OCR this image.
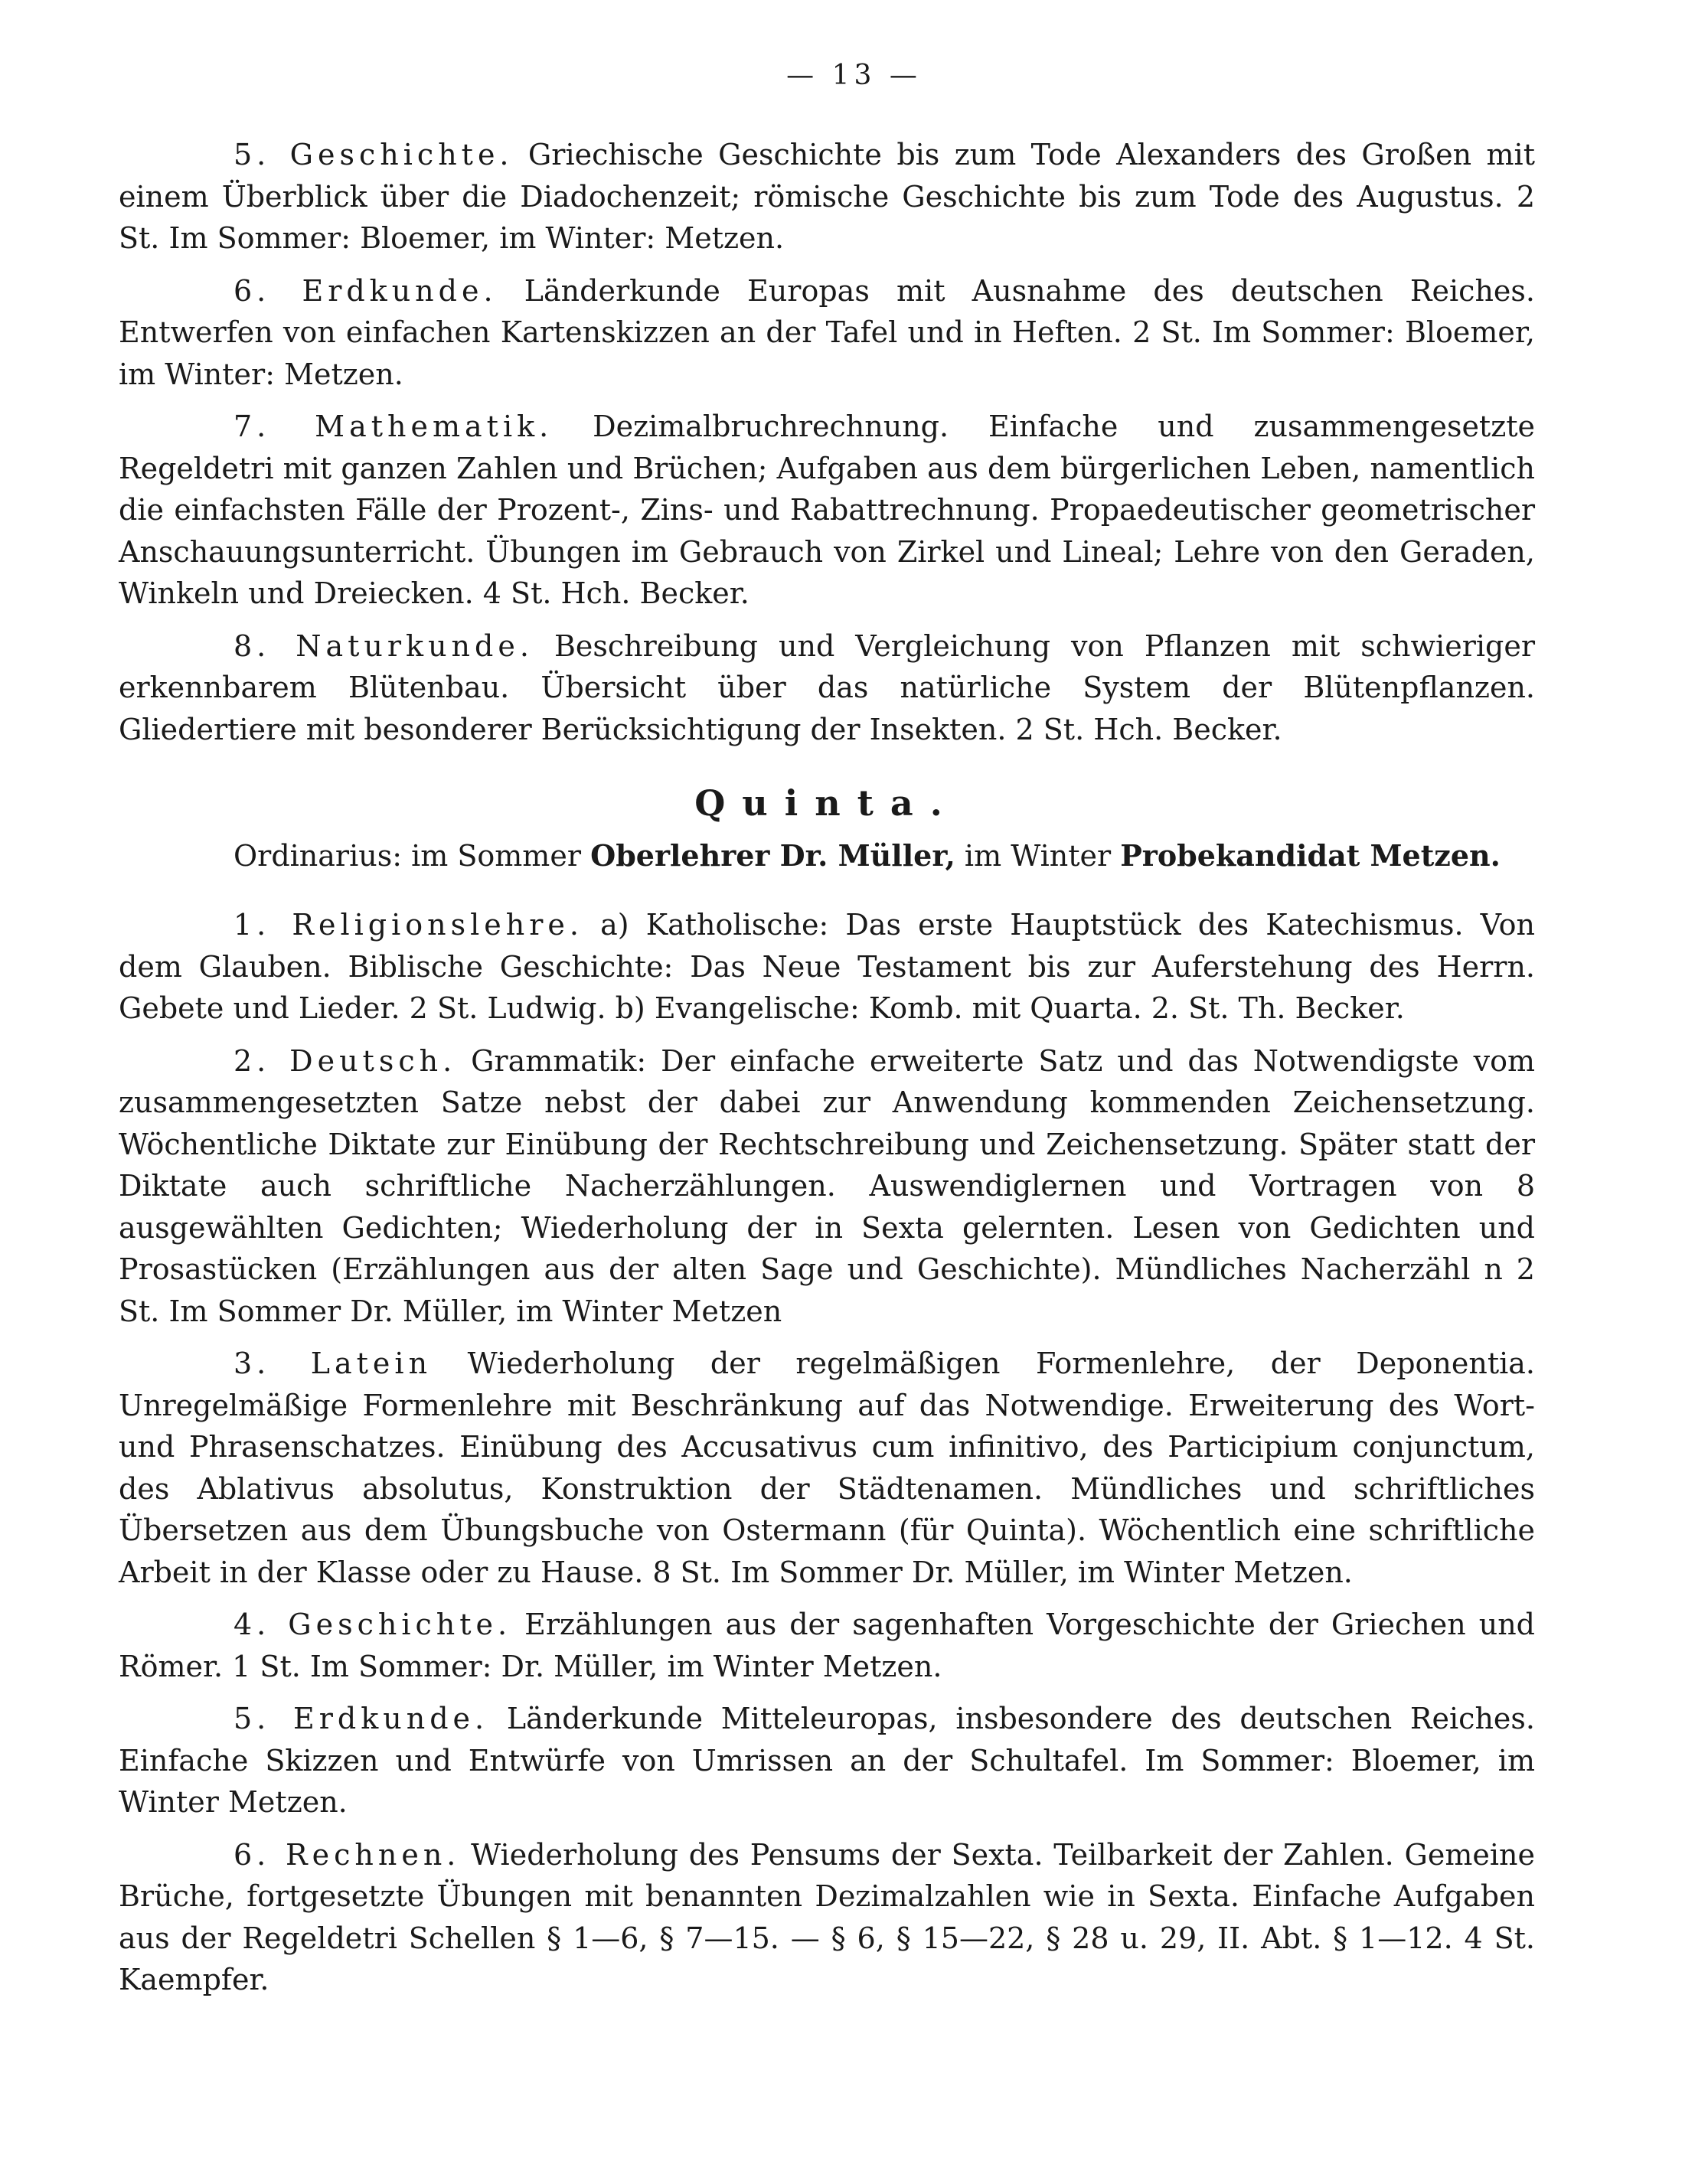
— 13 —

5. Geschichte. Griechische Geschichte bis zum Tode Alexanders des Großen mit einem Überblick über die Diadochenzeit; römische Geschichte bis zum Tode des Augustus. 2 St. Im Sommer: Bloemer, im Winter: Metzen.

6. Erdkunde. Länderkunde Europas mit Ausnahme des deutschen Reiches. Entwerfen von einfachen Kartenskizzen an der Tafel und in Heften. 2 St. Im Sommer: Bloemer, im Winter: Metzen.

7. Mathematik. Dezimalbruchrechnung. Einfache und zusammengesetzte Regeldetri mit ganzen Zahlen und Brüchen; Aufgaben aus dem bürgerlichen Leben, namentlich die einfachsten Fälle der Prozent-, Zins- und Rabattrechnung. Propaedeutischer geometrischer Anschauungsunterricht. Übungen im Gebrauch von Zirkel und Lineal; Lehre von den Geraden, Winkeln und Dreiecken. 4 St. Hch. Becker.

8. Naturkunde. Beschreibung und Vergleichung von Pflanzen mit schwieriger erkennbarem Blütenbau. Übersicht über das natürliche System der Blütenpflanzen. Gliedertiere mit besonderer Berücksichtigung der Insekten. 2 St. Hch. Becker.

Quinta.

Ordinarius: im Sommer Oberlehrer Dr. Müller, im Winter Probekandidat Metzen.

1. Religionslehre. a) Katholische: Das erste Hauptstück des Katechismus. Von dem Glauben. Biblische Geschichte: Das Neue Testament bis zur Auferstehung des Herrn. Gebete und Lieder. 2 St. Ludwig. b) Evangelische: Komb. mit Quarta. 2. St. Th. Becker.

2. Deutsch. Grammatik: Der einfache erweiterte Satz und das Notwendigste vom zusammengesetzten Satze nebst der dabei zur Anwendung kommenden Zeichensetzung. Wöchentliche Diktate zur Einübung der Rechtschreibung und Zeichensetzung. Später statt der Diktate auch schriftliche Nacherzählungen. Auswendiglernen und Vortragen von 8 ausgewählten Gedichten; Wiederholung der in Sexta gelernten. Lesen von Gedichten und Prosastücken (Erzählungen aus der alten Sage und Geschichte). Mündliches Nacherzähl n 2 St. Im Sommer Dr. Müller, im Winter Metzen

3. Latein Wiederholung der regelmäßigen Formenlehre, der Deponentia. Unregelmäßige Formenlehre mit Beschränkung auf das Notwendige. Erweiterung des Wort- und Phrasenschatzes. Einübung des Accusativus cum infinitivo, des Participium conjunctum, des Ablativus absolutus, Konstruktion der Städtenamen. Mündliches und schriftliches Übersetzen aus dem Übungsbuche von Ostermann (für Quinta). Wöchentlich eine schriftliche Arbeit in der Klasse oder zu Hause. 8 St. Im Sommer Dr. Müller, im Winter Metzen.

4. Geschichte. Erzählungen aus der sagenhaften Vorgeschichte der Griechen und Römer. 1 St. Im Sommer: Dr. Müller, im Winter Metzen.

5. Erdkunde. Länderkunde Mitteleuropas, insbesondere des deutschen Reiches. Einfache Skizzen und Entwürfe von Umrissen an der Schultafel. Im Sommer: Bloemer, im Winter Metzen.

6. Rechnen. Wiederholung des Pensums der Sexta. Teilbarkeit der Zahlen. Gemeine Brüche, fortgesetzte Übungen mit benannten Dezimalzahlen wie in Sexta. Einfache Aufgaben aus der Regeldetri Schellen § 1—6, § 7—15. — § 6, § 15—22, § 28 u. 29, II. Abt. § 1—12. 4 St. Kaempfer.
